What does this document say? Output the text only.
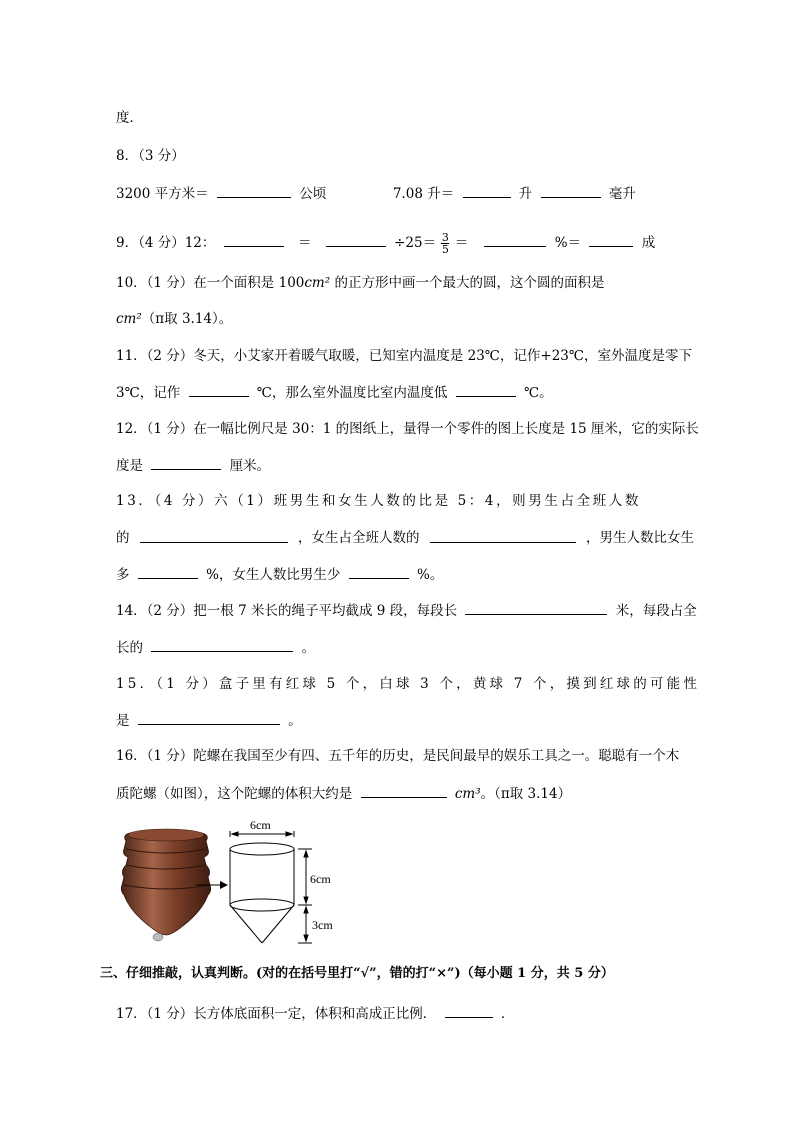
度．
8．（3 分）
3200 平方米＝	公顷	7.08 升＝	升	毫升
9．（4 分）12：	＝	$\div 25= \frac{3}{5}$ ＝	%＝	成
10．（1 分）在一个面积是 100cm² 的正方形中画一个最大的圆，这个圆的面积是
cm²（π取 3.14）。
11．（2 分）冬天，小艾家开着暖气取暖，已知室内温度是 23℃，记作+23℃，室外温度是零下
3℃，记作	℃，那么室外温度比室内温度低	℃。
12．（1 分）在一幅比例尺是 30：1 的图纸上，量得一个零件的图上长度是 15 厘米，它的实际长
度是	厘米。
13．（4 分）六（1）班男生和女生人数的比是 5：4，则男生占全班人数
的	，女生占全班人数的	，男生人数比女生
多	%，女生人数比男生少	%。
14．（2 分）把一根 7 米长的绳子平均截成 9 段，每段长	米，每段占全
长的	。
15．（1 分）盒子里有红球 5 个，白球 3 个，黄球 7 个，摸到红球的可能性
是	。
16．（1 分）陀螺在我国至少有四、五千年的历史，是民间最早的娱乐工具之一。聪聪有一个木
质陀螺（如图），这个陀螺的体积大约是	cm³。（π取 3.14）
6cm
6cm
3cm
三、仔细推敲，认真判断。(对的在括号里打“√”，错的打“×”)（每小题 1 分，共 5 分）
17．（1 分）长方体底面积一定，体积和高成正比例．	．
